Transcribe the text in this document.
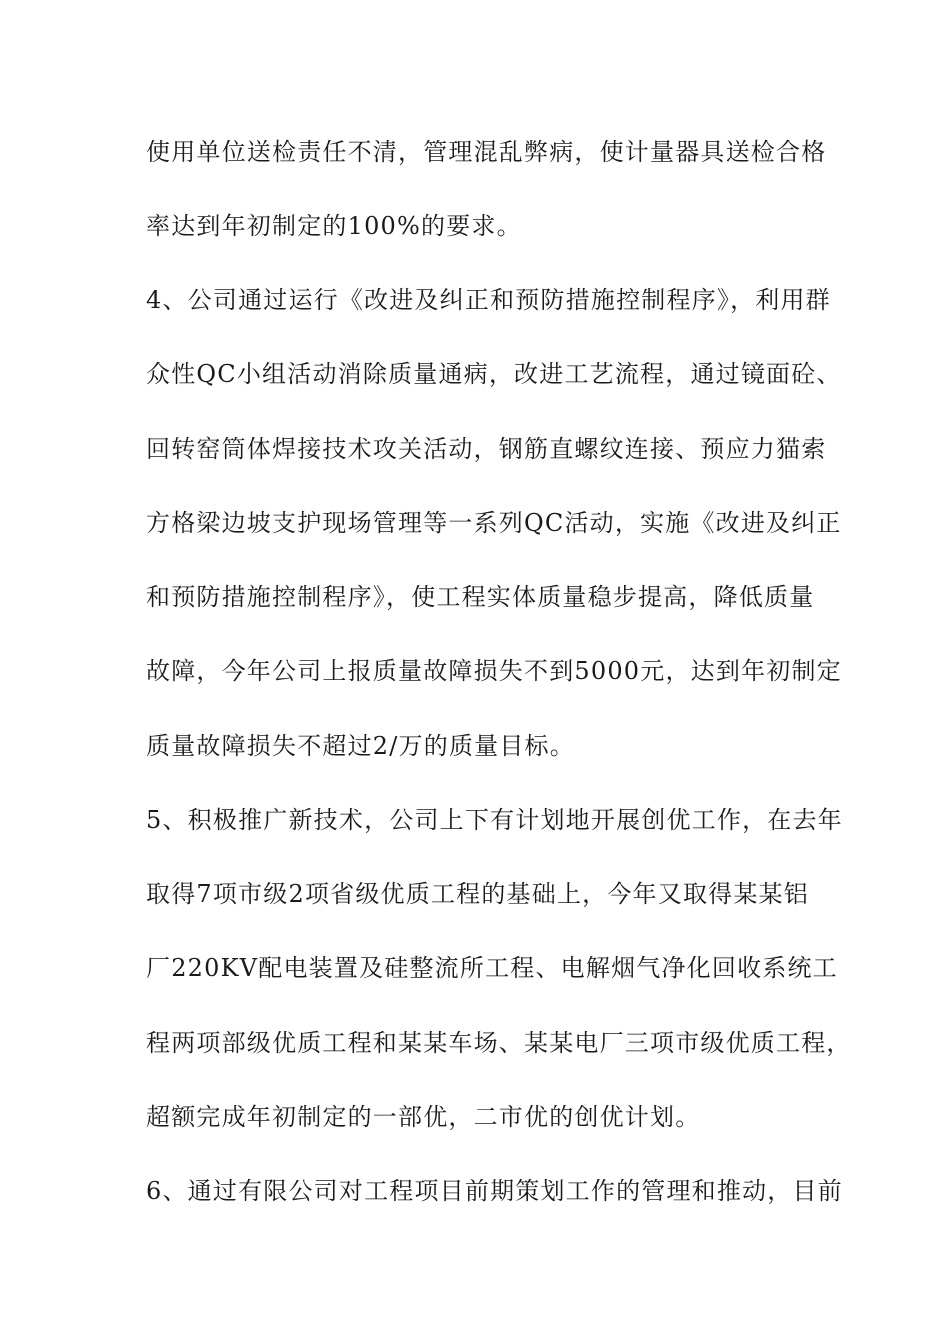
使用单位送检责任不清，管理混乱弊病，使计量器具送检合格
率达到年初制定的100%的要求。
4、公司通过运行《改进及纠正和预防措施控制程序》，利用群
众性QC小组活动消除质量通病，改进工艺流程，通过镜面砼、
回转窑筒体焊接技术攻关活动，钢筋直螺纹连接、预应力猫索
方格梁边坡支护现场管理等一系列QC活动，实施《改进及纠正
和预防措施控制程序》，使工程实体质量稳步提高，降低质量
故障，今年公司上报质量故障损失不到5000元，达到年初制定
质量故障损失不超过2/万的质量目标。
5、积极推广新技术，公司上下有计划地开展创优工作，在去年
取得7项市级2项省级优质工程的基础上，今年又取得某某铝
厂220KV配电装置及硅整流所工程、电解烟气净化回收系统工
程两项部级优质工程和某某车场、某某电厂三项市级优质工程，
超额完成年初制定的一部优，二市优的创优计划。
6、通过有限公司对工程项目前期策划工作的管理和推动，目前
